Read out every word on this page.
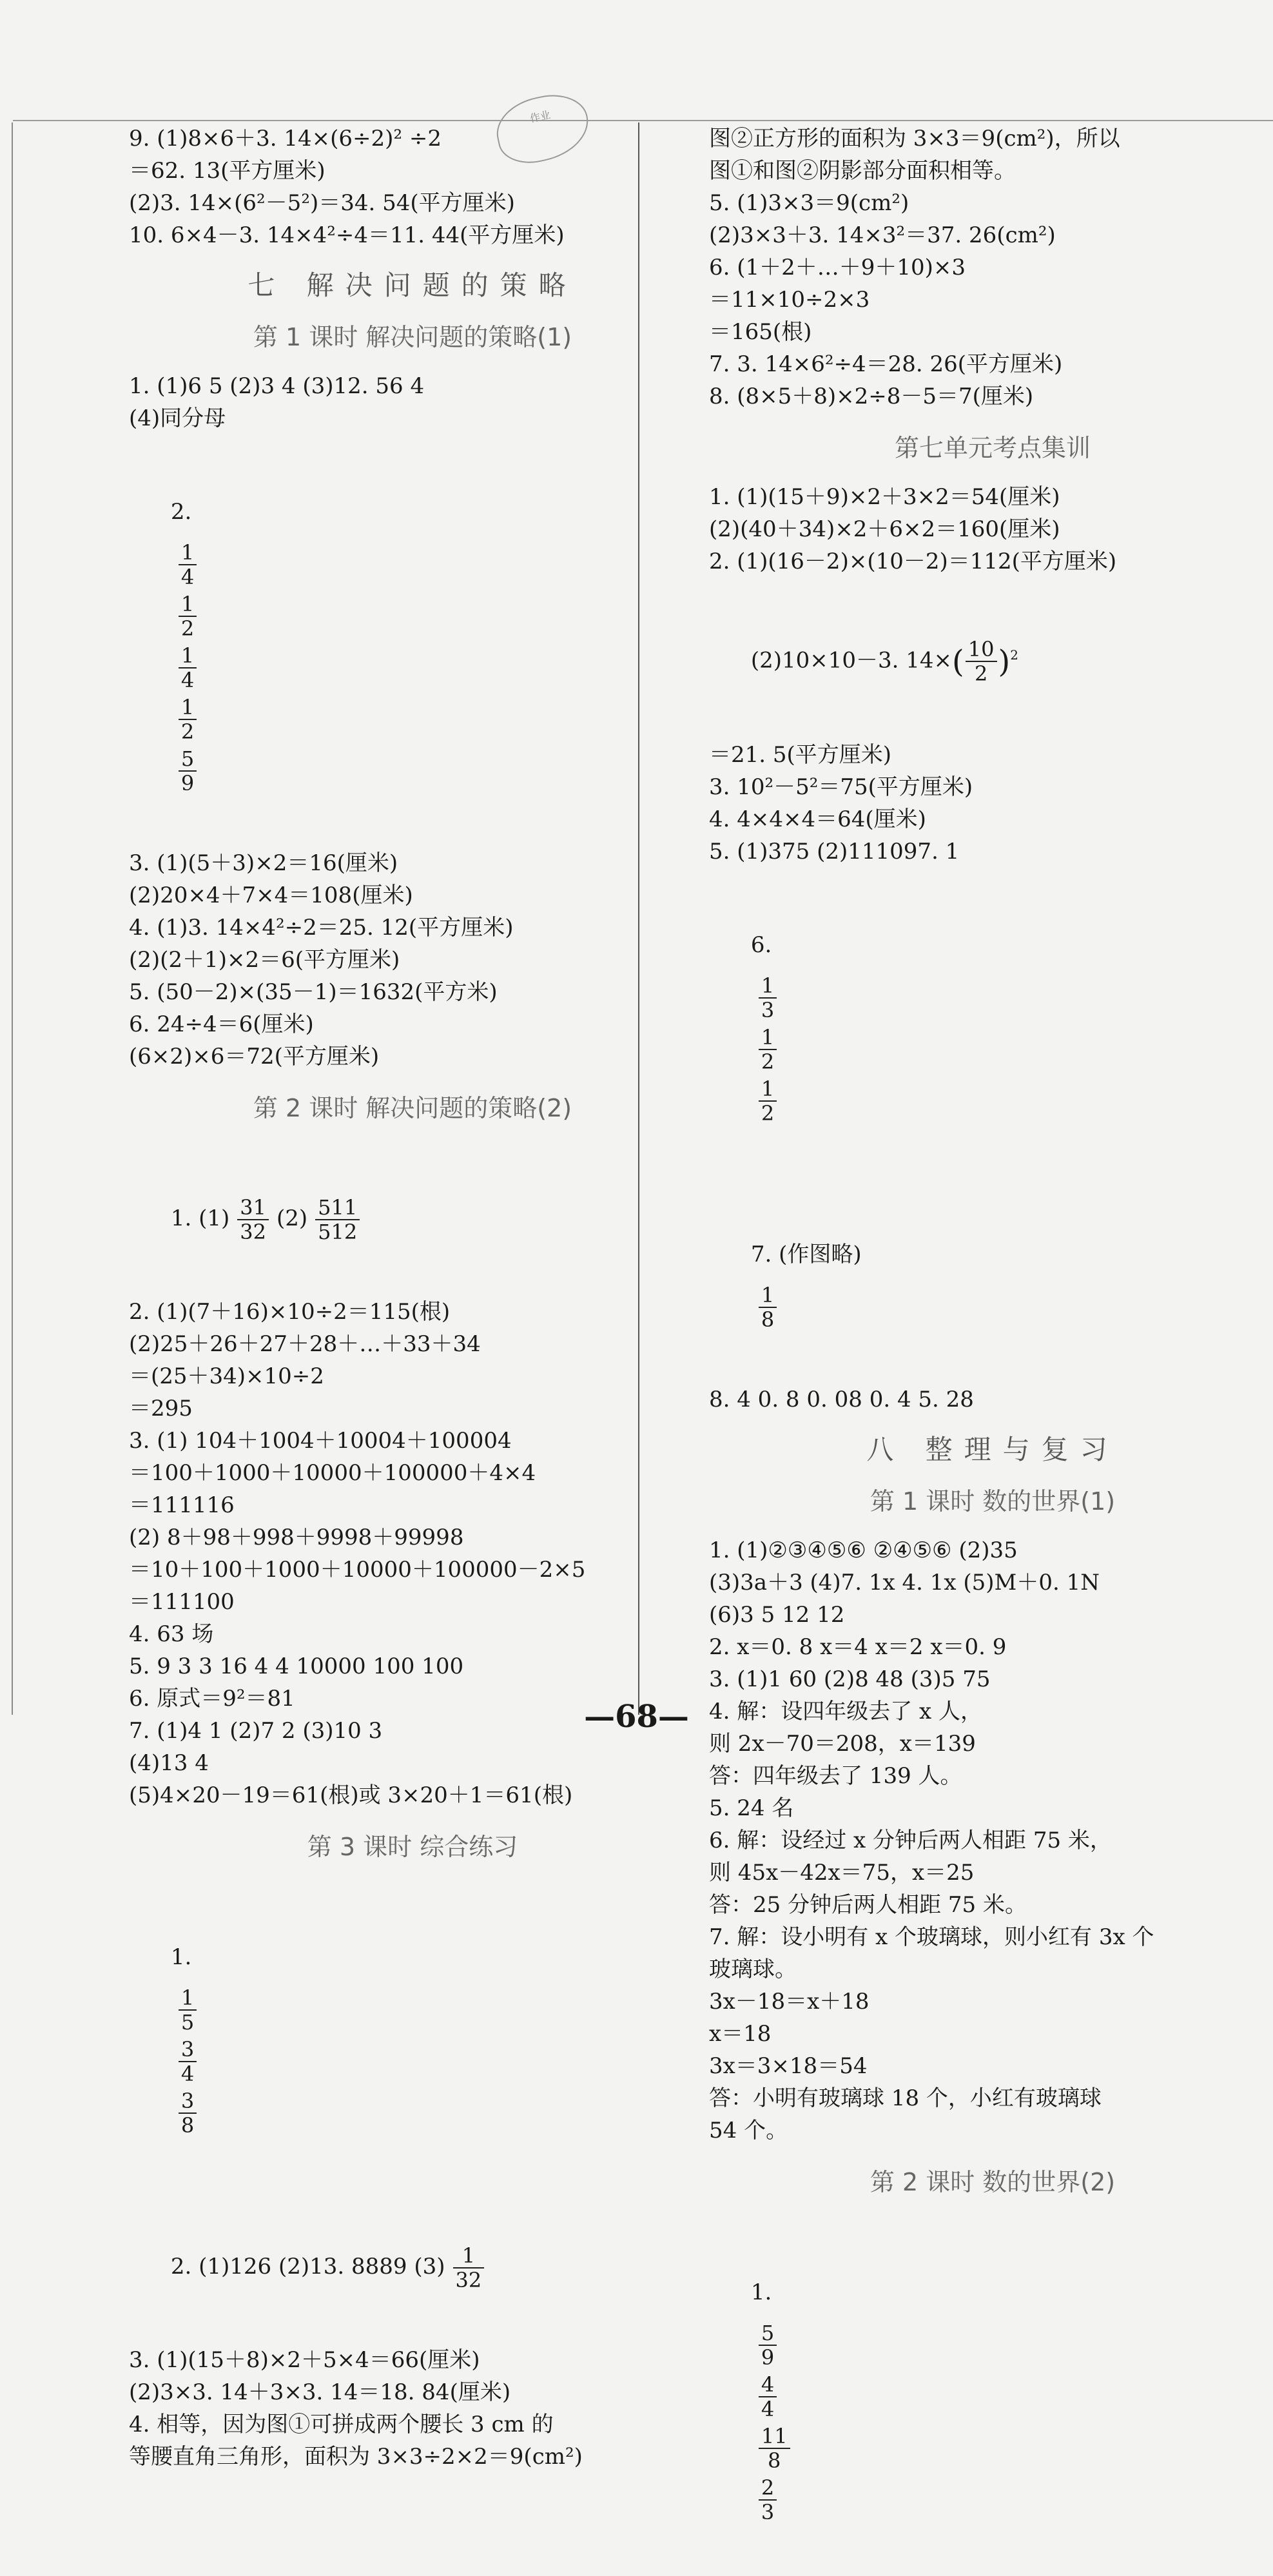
作业
9. (1)8×6＋3. 14×(6÷2)² ÷2
＝62. 13(平方厘米)
(2)3. 14×(6²－5²)＝34. 54(平方厘米)
10. 6×4－3. 14×4²÷4＝11. 44(平方厘米)
七 解决问题的策略
第 1 课时 解决问题的策略(1)
1. (1)6 5 (2)3 4 (3)12. 56 4
(4)同分母

2.

$\frac{1}{4}$

$\frac{1}{2}$

$\frac{1}{4}$

$\frac{1}{2}$

$\frac{5}{9}$

3. (1)(5＋3)×2＝16(厘米)
(2)20×4＋7×4＝108(厘米)
4. (1)3. 14×4²÷2＝25. 12(平方厘米)
(2)(2＋1)×2＝6(平方厘米)
5. (50－2)×(35－1)＝1632(平方米)
6. 24÷4＝6(厘米)
(6×2)×6＝72(平方厘米)
第 2 课时 解决问题的策略(2)

1. $(1) \frac{31}{32} (2) \frac{511}{512}$

2. (1)(7＋16)×10÷2＝115(根)
(2)25＋26＋27＋28＋…＋33＋34
＝(25＋34)×10÷2
＝295
3. (1) 104＋1004＋10004＋100004
＝100＋1000＋10000＋100000＋4×4
＝111116
(2) 8＋98＋998＋9998＋99998
＝10＋100＋1000＋10000＋100000－2×5
＝111100
4. 63 场
5. 9 3 3 16 4 4 10000 100 100
6. 原式＝9²＝81
7. (1)4 1 (2)7 2 (3)10 3
(4)13 4
(5)4×20－19＝61(根)或 3×20＋1＝61(根)
第 3 课时 综合练习

1.

$\frac{1}{5}$

$\frac{3}{4}$

$\frac{3}{8}$

2. (1)126 (2)13. 8889 $(3) \frac{1}{32}$

3. (1)(15＋8)×2＋5×4＝66(厘米)
(2)3×3. 14＋3×3. 14＝18. 84(厘米)
4. 相等，因为图①可拼成两个腰长 3 cm 的
等腰直角三角形，面积为 3×3÷2×2＝9(cm²)
图②正方形的面积为 3×3＝9(cm²)，所以
图①和图②阴影部分面积相等。
5. (1)3×3＝9(cm²)
(2)3×3＋3. 14×3²＝37. 26(cm²)
6. (1＋2＋…＋9＋10)×3
＝11×10÷2×3
＝165(根)
7. 3. 14×6²÷4＝28. 26(平方厘米)
8. (8×5＋8)×2÷8－5＝7(厘米)
第七单元考点集训
1. (1)(15＋9)×2＋3×2＝54(厘米)
(2)(40＋34)×2＋6×2＝160(厘米)
2. (1)(16－2)×(10－2)＝112(平方厘米)

(2)10×10－3. $14\times( \frac{10}{2} )^2$

＝21. 5(平方厘米)
3. 10²－5²＝75(平方厘米)
4. 4×4×4＝64(厘米)
5. (1)375 (2)111097. 1

6.

$\frac{1}{3}$

$\frac{1}{2}$

$\frac{1}{2}$

7. (作图略)

$\frac{1}{8}$

8. 4 0. 8 0. 08 0. 4 5. 28
八 整理与复习
第 1 课时 数的世界(1)
1. (1)②③④⑤⑥ ②④⑤⑥ (2)35
(3)3a＋3 (4)7. 1x 4. 1x (5)M＋0. 1N
(6)3 5 12 12
2. x＝0. 8 x＝4 x＝2 x＝0. 9
3. (1)1 60 (2)8 48 (3)5 75
4. 解：设四年级去了 x 人，
则 2x－70＝208，x＝139
答：四年级去了 139 人。
5. 24 名
6. 解：设经过 x 分钟后两人相距 75 米，
则 45x－42x＝75，x＝25
答：25 分钟后两人相距 75 米。
7. 解：设小明有 x 个玻璃球，则小红有 3x 个
玻璃球。
3x－18＝x＋18
x＝18
3x＝3×18＝54
答：小明有玻璃球 18 个，小红有玻璃球
54 个。
第 2 课时 数的世界(2)

1.

$\frac{5}{9}$

$\frac{4}{4}$

$\frac{11}{8}$

$\frac{2}{3}$

—68—
